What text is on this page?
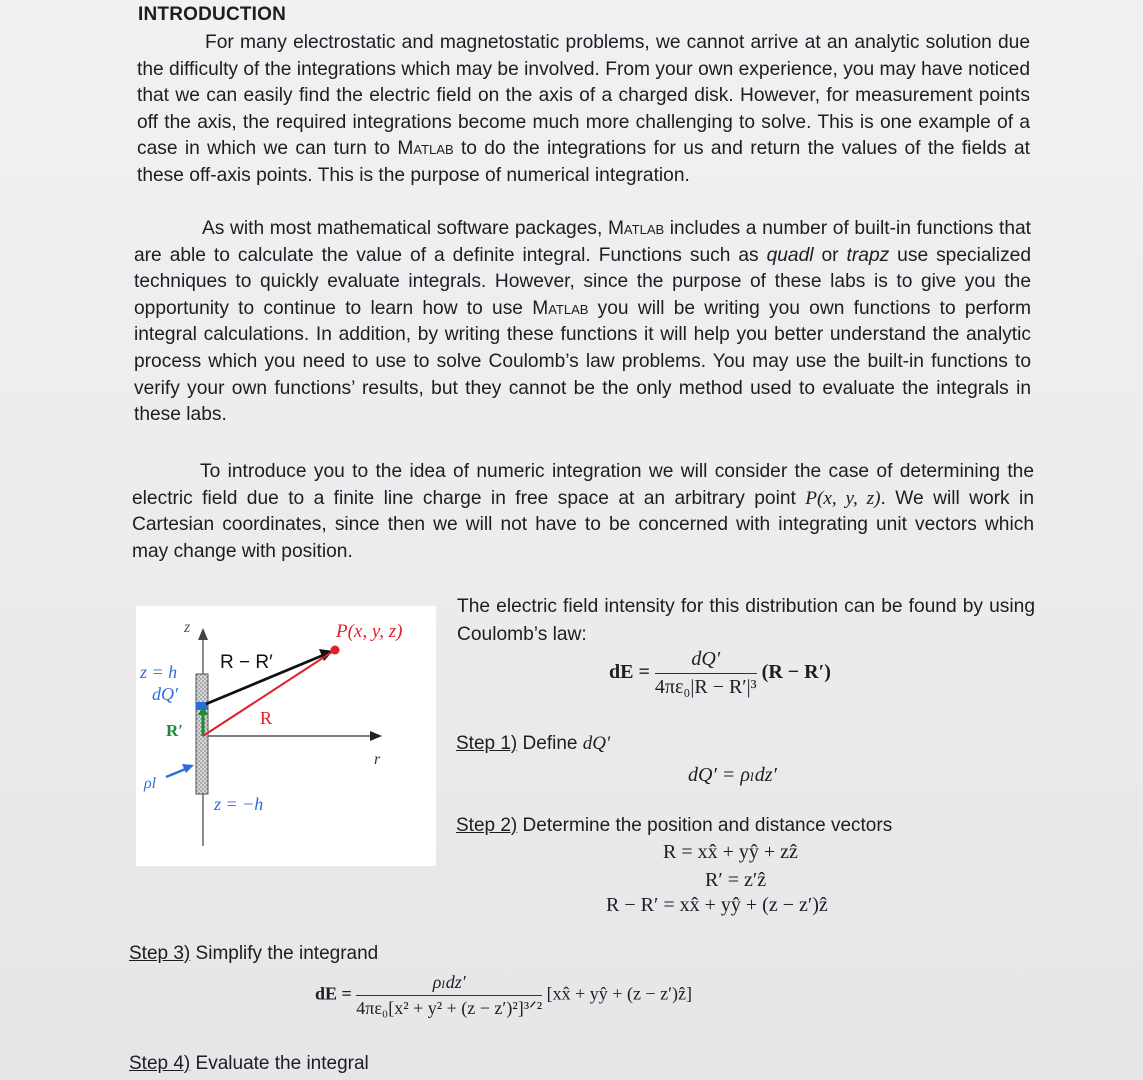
INTRODUCTION
For many electrostatic and magnetostatic problems, we cannot arrive at an analytic solution due the difficulty of the integrations which may be involved. From your own experience, you may have noticed that we can easily find the electric field on the axis of a charged disk. However, for measurement points off the axis, the required integrations become much more challenging to solve. This is one example of a case in which we can turn to Matlab to do the integrations for us and return the values of the fields at these off-axis points. This is the purpose of numerical integration.
As with most mathematical software packages, Matlab includes a number of built-in functions that are able to calculate the value of a definite integral. Functions such as quadl or trapz use specialized techniques to quickly evaluate integrals. However, since the purpose of these labs is to give you the opportunity to continue to learn how to use Matlab you will be writing you own functions to perform integral calculations. In addition, by writing these functions it will help you better understand the analytic process which you need to use to solve Coulomb’s law problems. You may use the built-in functions to verify your own functions’ results, but they cannot be the only method used to evaluate the integrals in these labs.
To introduce you to the idea of numeric integration we will consider the case of determining the electric field due to a finite line charge in free space at an arbitrary point P(x, y, z). We will work in Cartesian coordinates, since then we will not have to be concerned with integrating unit vectors which may change with position.
z
r
P(x, y, z)
z = h
dQ′
R′
R − R′
R
ρl
z = −h
The electric field intensity for this distribution can be found by using Coulomb’s law:
dE = $\frac{dQ'}{\text{4πε₀|R − R′|³}} (R - R')$
Step 1) Define dQ′
dQ′ = ρₗdz′
Step 2) Determine the position and distance vectors
R = xx̂ + yŷ + zẑ
R′ = z′ẑ
R − R′ = xx̂ + yŷ + (z − z′)ẑ
Step 3) Simplify the integrand
dE = $\frac{\text{ρₗdz′}}{\text{4πε₀[x² + y² + (z − z′)²]³ᐟ²}}$ [xx̂ + yŷ + (z − z′)ẑ]
Step 4) Evaluate the integral
